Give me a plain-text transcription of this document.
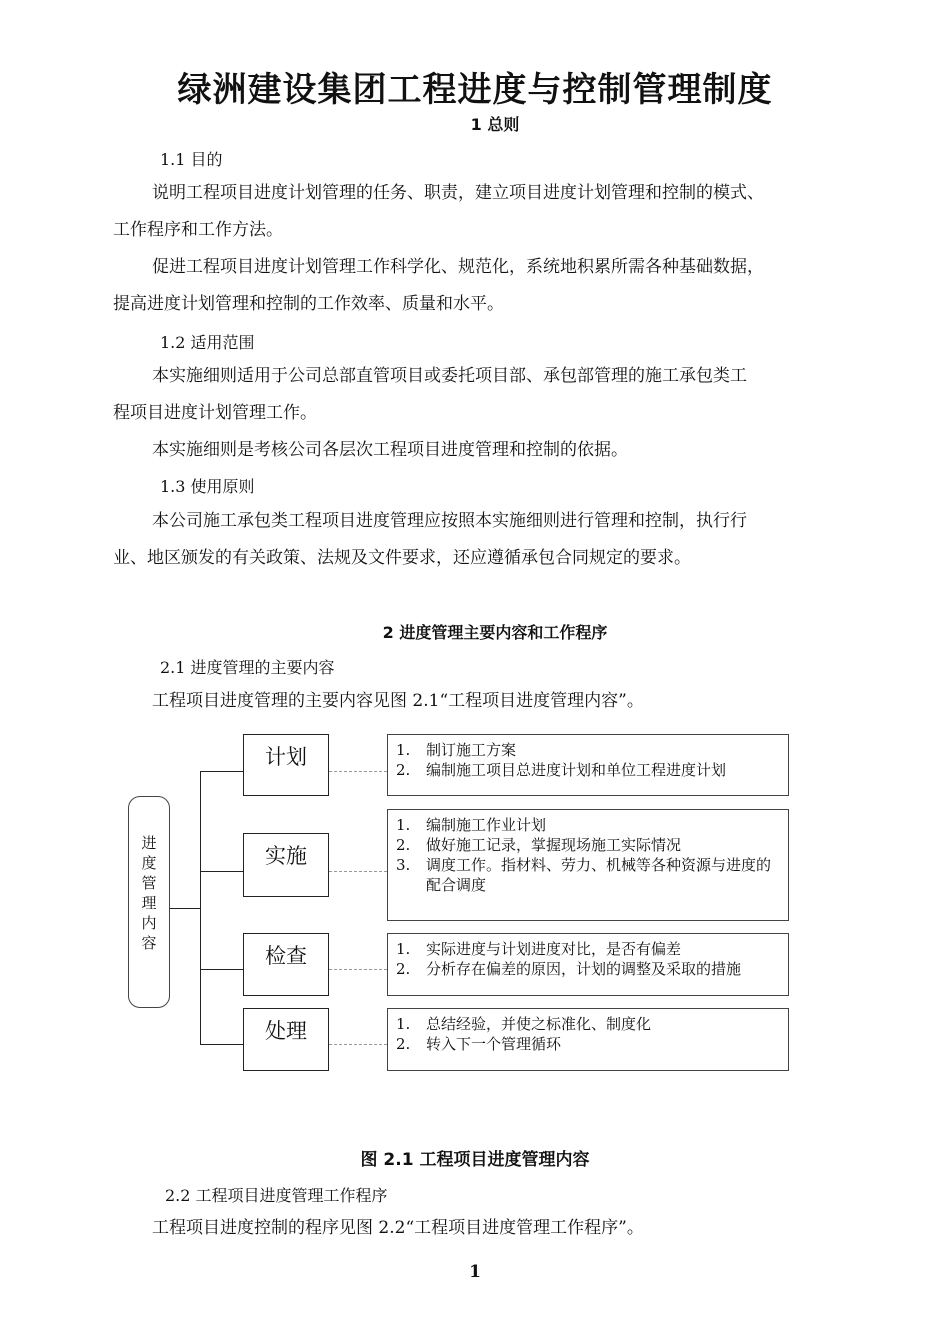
绿洲建设集团工程进度与控制管理制度
1 总则
1.1 目的
说明工程项目进度计划管理的任务、职责，建立项目进度计划管理和控制的模式、
工作程序和工作方法。
促进工程项目进度计划管理工作科学化、规范化，系统地积累所需各种基础数据，
提高进度计划管理和控制的工作效率、质量和水平。
1.2 适用范围
本实施细则适用于公司总部直管项目或委托项目部、承包部管理的施工承包类工
程项目进度计划管理工作。
本实施细则是考核公司各层次工程项目进度管理和控制的依据。
1.3 使用原则
本公司施工承包类工程项目进度管理应按照本实施细则进行管理和控制，执行行
业、地区颁发的有关政策、法规及文件要求，还应遵循承包合同规定的要求。
2 进度管理主要内容和工作程序
2.1 进度管理的主要内容
工程项目进度管理的主要内容见图 2.1“工程项目进度管理内容”。
进
度
管
理
内
容
计划	1.	制订施工方案
2.	编制施工项目总进度计划和单位工程进度计划
实施
1.	编制施工作业计划
2.	做好施工记录，掌握现场施工实际情况
3.	调度工作。指材料、劳力、机械等各种资源与进度的配合调度
检查	1.	实际进度与计划进度对比，是否有偏差
2.	分析存在偏差的原因，计划的调整及采取的措施
处理	1.	总结经验，并使之标准化、制度化
2.	转入下一个管理循环
图 2.1 工程项目进度管理内容
2.2 工程项目进度管理工作程序
工程项目进度控制的程序见图 2.2“工程项目进度管理工作程序”。
1
